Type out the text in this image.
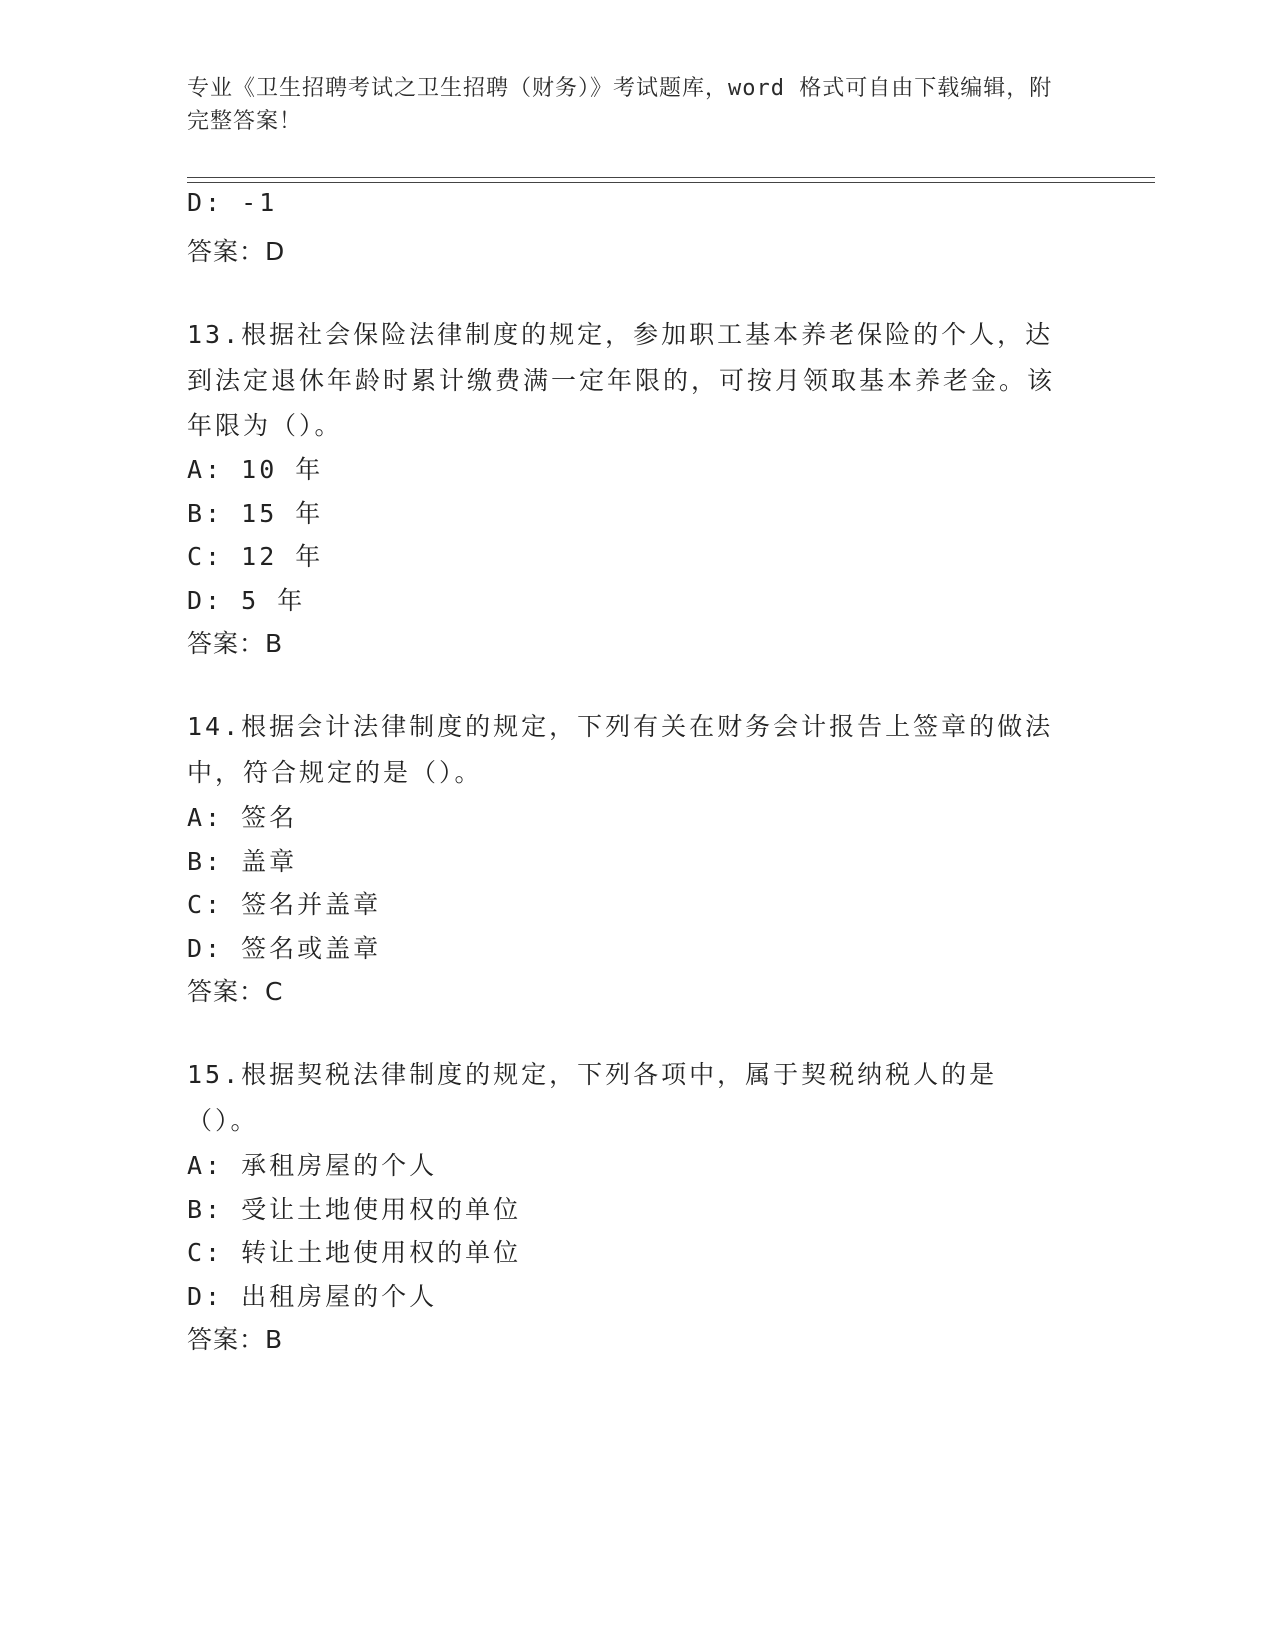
专业《卫生招聘考试之卫生招聘（财务）》考试题库，word 格式可自由下载编辑，附完整答案！
D: -1
答案：D
13.根据社会保险法律制度的规定，参加职工基本养老保险的个人，达到法定退休年龄时累计缴费满一定年限的，可按月领取基本养老金。该年限为（）。
A: 10 年
B: 15 年
C: 12 年
D: 5 年
答案：B
14.根据会计法律制度的规定，下列有关在财务会计报告上签章的做法中，符合规定的是（）。
A: 签名
B: 盖章
C: 签名并盖章
D: 签名或盖章
答案：C
15.根据契税法律制度的规定，下列各项中，属于契税纳税人的是（）。
A: 承租房屋的个人
B: 受让土地使用权的单位
C: 转让土地使用权的单位
D: 出租房屋的个人
答案：B
